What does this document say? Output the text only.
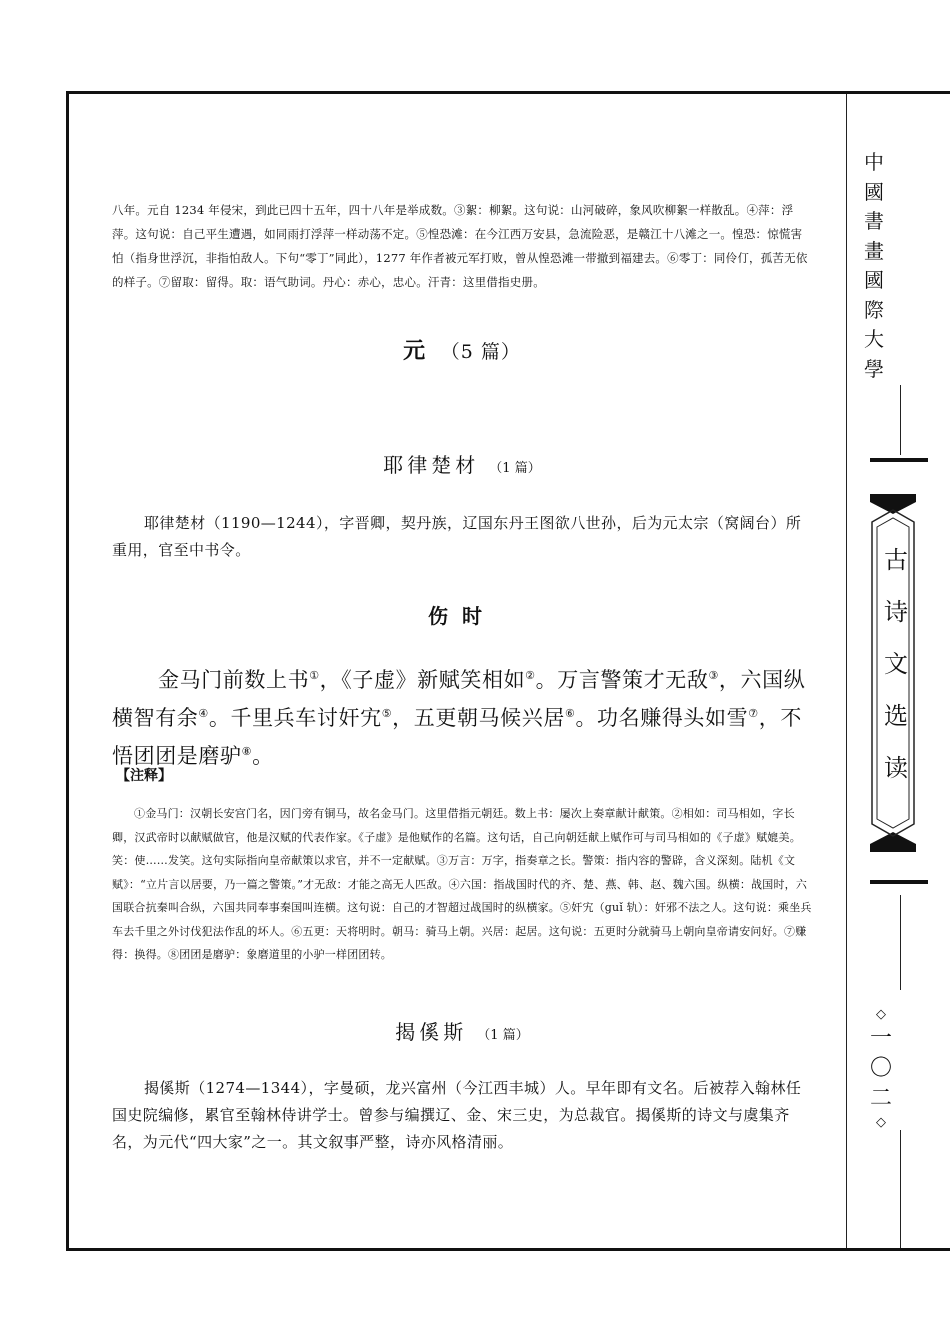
八年。元自 1234 年侵宋，到此已四十五年，四十八年是举成数。③絮：柳絮。这句说：山河破碎，象风吹柳絮一样散乱。④萍：浮萍。这句说：自己平生遭遇，如同雨打浮萍一样动荡不定。⑤惶恐滩：在今江西万安县，急流险恶，是赣江十八滩之一。惶恐：惊慌害怕（指身世浮沉，非指怕敌人。下句“零丁”同此），1277 年作者被元军打败，曾从惶恐滩一带撤到福建去。⑥零丁：同伶仃，孤苦无依的样子。⑦留取：留得。取：语气助词。丹心：赤心，忠心。汗青：这里借指史册。
元 （5 篇）
耶律楚材 （1 篇）
耶律楚材（1190—1244），字晋卿，契丹族，辽国东丹王图欲八世孙，后为元太宗（窝阔台）所重用，官至中书令。
伤时
金马门前数上书①，《子虚》新赋笑相如②。万言警策才无敌③，六国纵横智有余④。千里兵车讨奸宄⑤，五更朝马候兴居⑥。功名赚得头如雪⑦，不悟团团是磨驴⑧。
【注释】
①金马门：汉朝长安宫门名，因门旁有铜马，故名金马门。这里借指元朝廷。数上书：屡次上奏章献计献策。②相如：司马相如，字长卿，汉武帝时以献赋做官，他是汉赋的代表作家。《子虚》是他赋作的名篇。这句话，自己向朝廷献上赋作可与司马相如的《子虚》赋媲美。笑：使……发笑。这句实际指向皇帝献策以求官，并不一定献赋。③万言：万字，指奏章之长。警策：指内容的警辟，含义深刻。陆机《文赋》：“立片言以居要，乃一篇之警策。”才无敌：才能之高无人匹敌。④六国：指战国时代的齐、楚、燕、韩、赵、魏六国。纵横：战国时，六国联合抗秦叫合纵，六国共同奉事秦国叫连横。这句说：自己的才智超过战国时的纵横家。⑤奸宄（guǐ 轨）：奸邪不法之人。这句说：乘坐兵车去千里之外讨伐犯法作乱的坏人。⑥五更：天将明时。朝马：骑马上朝。兴居：起居。这句说：五更时分就骑马上朝向皇帝请安问好。⑦赚得：换得。⑧团团是磨驴：象磨道里的小驴一样团团转。
揭傒斯 （1 篇）
揭傒斯（1274—1344），字曼硕，龙兴富州（今江西丰城）人。早年即有文名。后被荐入翰林任国史院编修，累官至翰林侍讲学士。曾参与编撰辽、金、宋三史，为总裁官。揭傒斯的诗文与虞集齐名，为元代“四大家”之一。其文叙事严整，诗亦风格清丽。
中
國
書
畫
國
際
大
學
古
诗
文
选
读
◇
一
〇
二
◇
